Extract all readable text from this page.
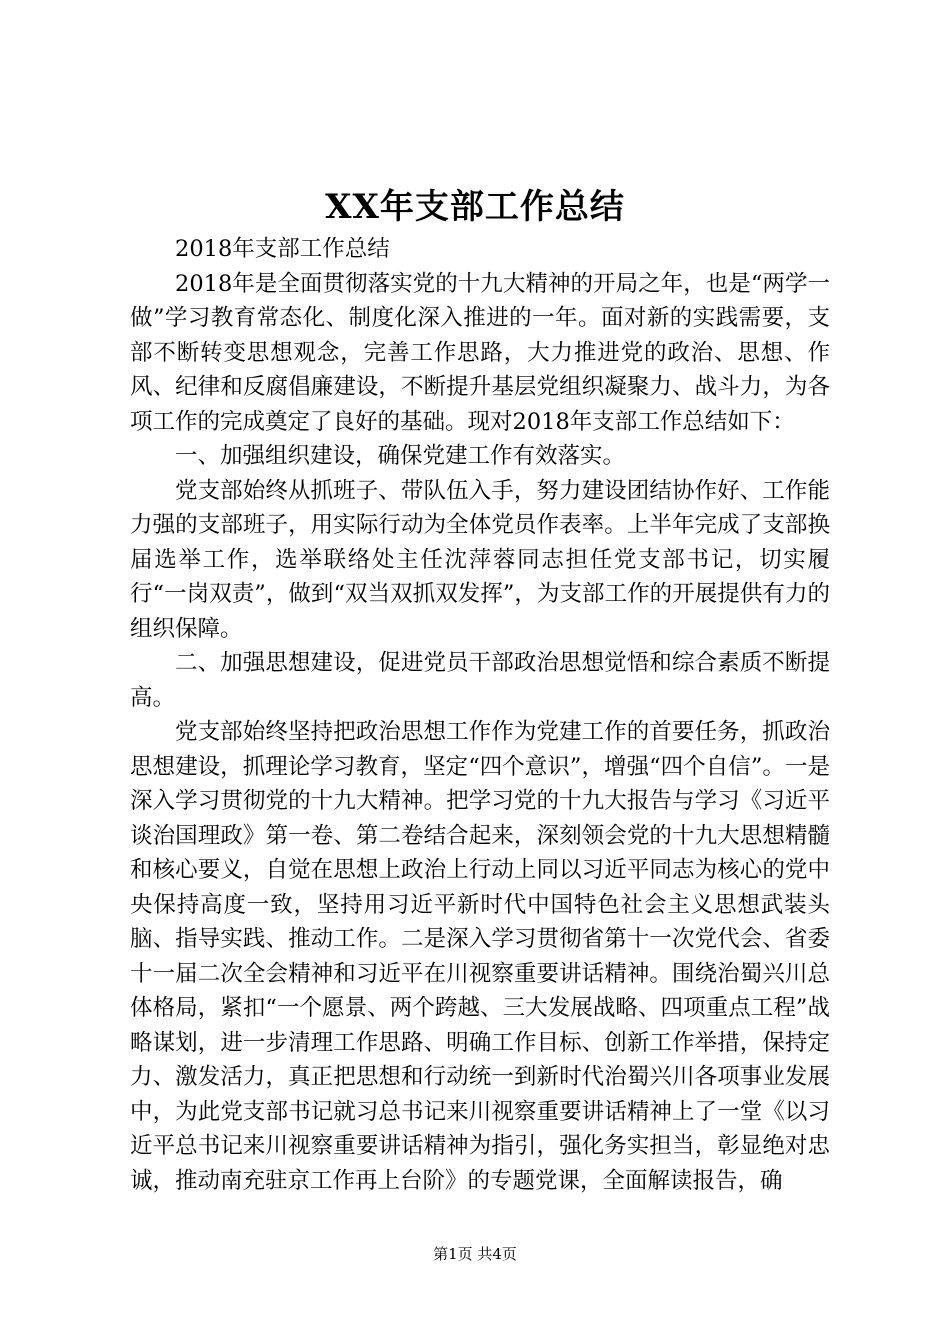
XX年支部工作总结

2018年支部工作总结

2018年是全面贯彻落实党的十九大精神的开局之年，也是“两学一做”学习教育常态化、制度化深入推进的一年。面对新的实践需要，支部不断转变思想观念，完善工作思路，大力推进党的政治、思想、作风、纪律和反腐倡廉建设，不断提升基层党组织凝聚力、战斗力，为各项工作的完成奠定了良好的基础。现对2018年支部工作总结如下：

一、加强组织建设，确保党建工作有效落实。

党支部始终从抓班子、带队伍入手，努力建设团结协作好、工作能力强的支部班子，用实际行动为全体党员作表率。上半年完成了支部换届选举工作，选举联络处主任沈萍蓉同志担任党支部书记，切实履行“一岗双责”，做到“双当双抓双发挥”，为支部工作的开展提供有力的组织保障。

二、加强思想建设，促进党员干部政治思想觉悟和综合素质不断提高。

党支部始终坚持把政治思想工作作为党建工作的首要任务，抓政治思想建设，抓理论学习教育，坚定“四个意识”，增强“四个自信”。一是深入学习贯彻党的十九大精神。把学习党的十九大报告与学习《习近平谈治国理政》第一卷、第二卷结合起来，深刻领会党的十九大思想精髓和核心要义，自觉在思想上政治上行动上同以习近平同志为核心的党中央保持高度一致，坚持用习近平新时代中国特色社会主义思想武装头脑、指导实践、推动工作。二是深入学习贯彻省第十一次党代会、省委十一届二次全会精神和习近平在川视察重要讲话精神。围绕治蜀兴川总体格局，紧扣“一个愿景、两个跨越、三大发展战略、四项重点工程”战略谋划，进一步清理工作思路、明确工作目标、创新工作举措，保持定力、激发活力，真正把思想和行动统一到新时代治蜀兴川各项事业发展中，为此党支部书记就习总书记来川视察重要讲话精神上了一堂《以习近平总书记来川视察重要讲话精神为指引，强化务实担当，彰显绝对忠诚，推动南充驻京工作再上台阶》的专题党课，全面解读报告，确

第1页 共4页
